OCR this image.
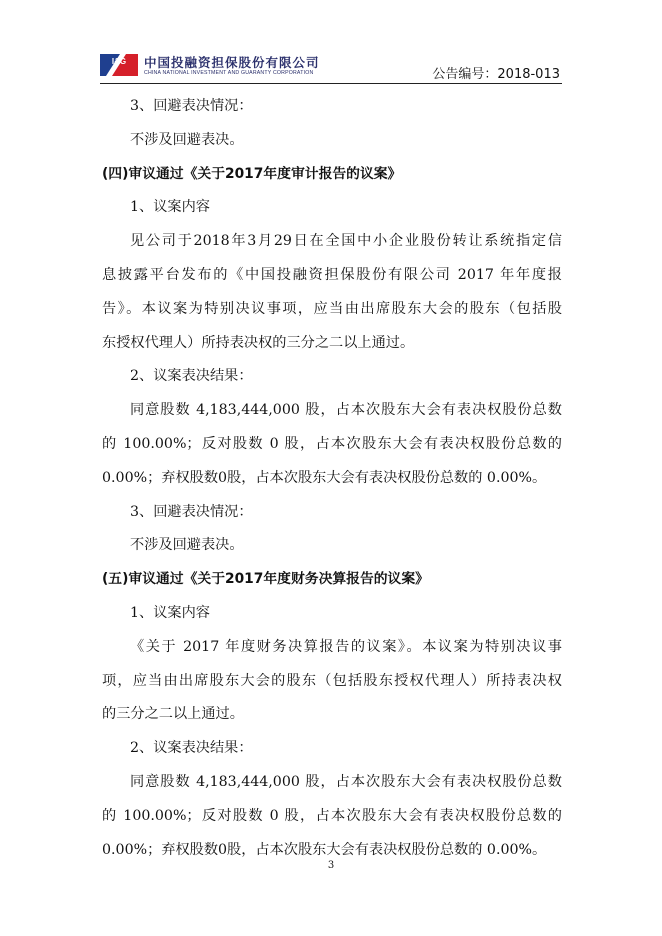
I&G 中国投融资担保股份有限公司
CHINA NATIONAL INVESTMENT AND GUARANTY CORPORATION	公告编号：2018-013
3、回避表决情况：
不涉及回避表决。
(四)审议通过《关于2017年度审计报告的议案》
1、议案内容
见公司于2018年3月29日在全国中小企业股份转让系统指定信
息披露平台发布的《中国投融资担保股份有限公司 2017 年年度报
告》。本议案为特别决议事项，应当由出席股东大会的股东（包括股
东授权代理人）所持表决权的三分之二以上通过。
2、议案表决结果：
同意股数 4,183,444,000 股，占本次股东大会有表决权股份总数
的 100.00%；反对股数 0 股，占本次股东大会有表决权股份总数的
0.00%；弃权股数0股，占本次股东大会有表决权股份总数的 0.00%。
3、回避表决情况：
不涉及回避表决。
(五)审议通过《关于2017年度财务决算报告的议案》
1、议案内容
《关于 2017 年度财务决算报告的议案》。本议案为特别决议事
项，应当由出席股东大会的股东（包括股东授权代理人）所持表决权
的三分之二以上通过。
2、议案表决结果：
同意股数 4,183,444,000 股，占本次股东大会有表决权股份总数
的 100.00%；反对股数 0 股，占本次股东大会有表决权股份总数的
0.00%；弃权股数0股，占本次股东大会有表决权股份总数的 0.00%。
3
